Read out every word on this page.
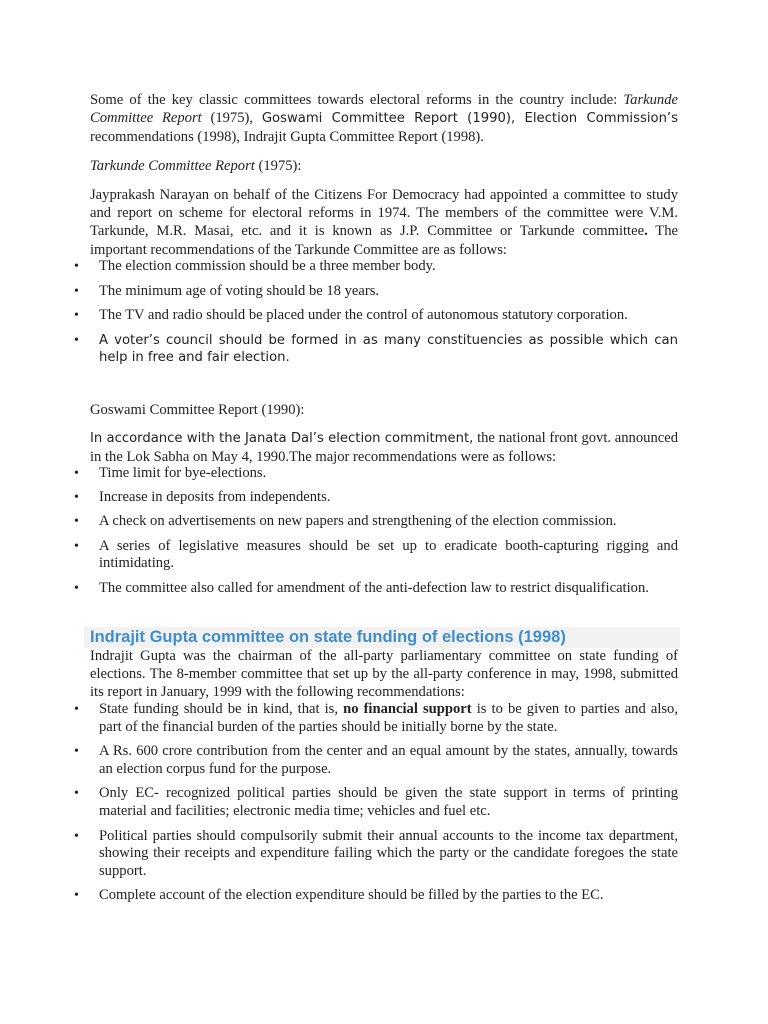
Some of the key classic committees towards electoral reforms in the country include: Tarkunde Committee Report (1975), Goswami Committee Report (1990), Election Commission’s recommendations (1998), Indrajit Gupta Committee Report (1998).

Tarkunde Committee Report (1975):

Jayprakash Narayan on behalf of the Citizens For Democracy had appointed a committee to study and report on scheme for electoral reforms in 1974. The members of the committee were V.M. Tarkunde, M.R. Masai, etc. and it is known as J.P. Committee or Tarkunde committee. The important recommendations of the Tarkunde Committee are as follows:

• The election commission should be a three member body.
• The minimum age of voting should be 18 years.
• The TV and radio should be placed under the control of autonomous statutory corporation.
• A voter’s council should be formed in as many constituencies as possible which can help in free and fair election.

Goswami Committee Report (1990):

In accordance with the Janata Dal’s election commitment, the national front govt. announced in the Lok Sabha on May 4, 1990.The major recommendations were as follows:

• Time limit for bye-elections.
• Increase in deposits from independents.
• A check on advertisements on new papers and strengthening of the election commission.
• A series of legislative measures should be set up to eradicate booth-capturing rigging and intimidating.
• The committee also called for amendment of the anti-defection law to restrict disqualification.
Indrajit Gupta committee on state funding of elections (1998)

Indrajit Gupta was the chairman of the all-party parliamentary committee on state funding of elections. The 8-member committee that set up by the all-party conference in may, 1998, submitted its report in January, 1999 with the following recommendations:

• State funding should be in kind, that is, no financial support is to be given to parties and also, part of the financial burden of the parties should be initially borne by the state.
• A Rs. 600 crore contribution from the center and an equal amount by the states, annually, towards an election corpus fund for the purpose.
• Only EC- recognized political parties should be given the state support in terms of printing material and facilities; electronic media time; vehicles and fuel etc.
• Political parties should compulsorily submit their annual accounts to the income tax department, showing their receipts and expenditure failing which the party or the candidate foregoes the state support.
• Complete account of the election expenditure should be filled by the parties to the EC.
